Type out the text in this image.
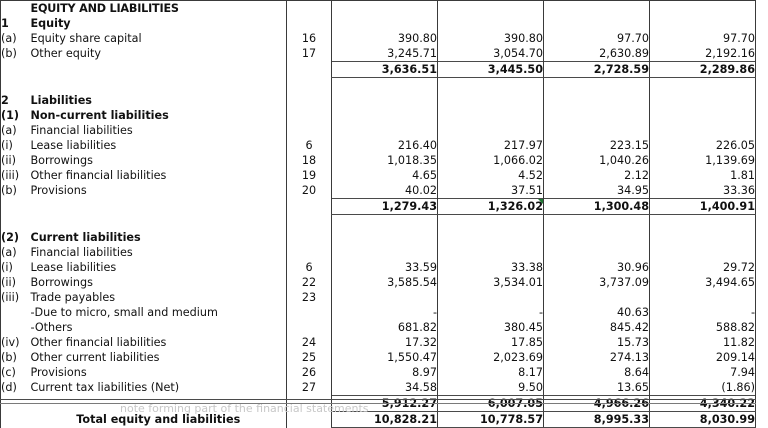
	EQUITY AND LIABILITIES					
1	Equity					
(a)	Equity share capital	16	390.80	390.80	97.70	97.70
(b)	Other equity	17	3,245.71	3,054.70	2,630.89	2,192.16
			3,636.51	3,445.50	2,728.59	2,289.86

2	Liabilities					
(1)	Non-current liabilities					
(a)	Financial liabilities					
(i)	Lease liabilities	6	216.40	217.97	223.15	226.05
(ii)	Borrowings	18	1,018.35	1,066.02	1,040.26	1,139.69
(iii)	Other financial liabilities	19	4.65	4.52	2.12	1.81
(b)	Provisions	20	40.02	37.51	34.95	33.36
			1,279.43	1,326.02	1,300.48	1,400.91

(2)	Current liabilities					
(a)	Financial liabilities					
(i)	Lease liabilities	6	33.59	33.38	30.96	29.72
(ii)	Borrowings	22	3,585.54	3,534.01	3,737.09	3,494.65
(iii)	Trade payables	23				
	-Due to micro, small and medium		-	-	40.63	-
	-Others		681.82	380.45	845.42	588.82
(iv)	Other financial liabilities	24	17.32	17.85	15.73	11.82
(b)	Other current liabilities	25	1,550.47	2,023.69	274.13	209.14
(c)	Provisions	26	8.97	8.17	8.64	7.94
(d)	Current tax liabilities (Net)	27	34.58	9.50	13.65	(1.86)
			5,912.27	6,007.05	4,966.26	4,340.22
	Total equity and liabilities		10,828.21	10,778.57	8,995.33	8,030.99
note forming part of the financial statements
